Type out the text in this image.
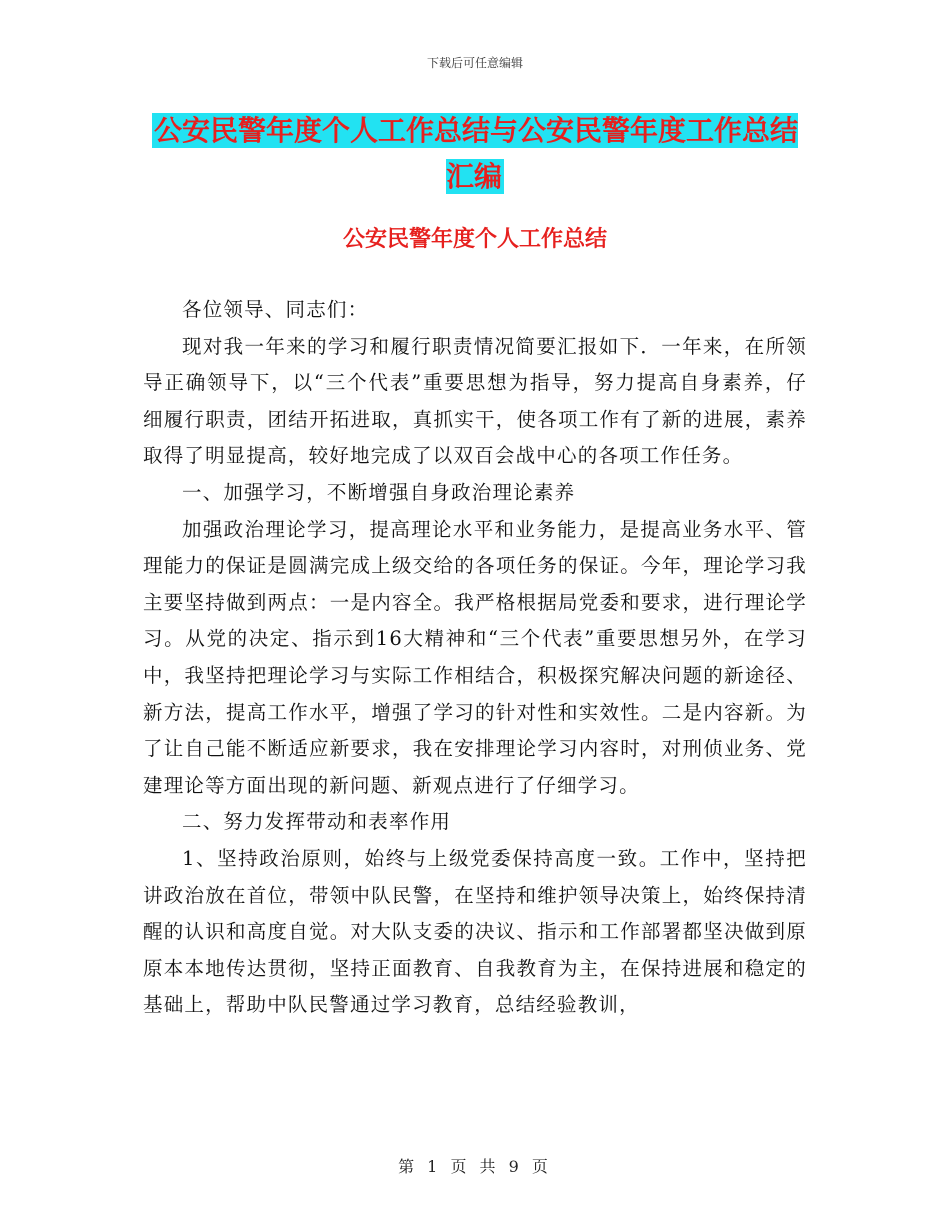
下载后可任意编辑
公安民警年度个人工作总结与公安民警年度工作总结汇编
公安民警年度个人工作总结

各位领导、同志们：

现对我一年来的学习和履行职责情况简要汇报如下．一年来，在所领导正确领导下，以“三个代表”重要思想为指导，努力提高自身素养，仔细履行职责，团结开拓进取，真抓实干，使各项工作有了新的进展，素养取得了明显提高，较好地完成了以双百会战中心的各项工作任务。

一、加强学习，不断增强自身政治理论素养

加强政治理论学习，提高理论水平和业务能力，是提高业务水平、管理能力的保证是圆满完成上级交给的各项任务的保证。今年，理论学习我主要坚持做到两点：一是内容全。我严格根据局党委和要求，进行理论学习。从党的决定、指示到16大精神和“三个代表”重要思想另外，在学习中，我坚持把理论学习与实际工作相结合，积极探究解决问题的新途径、新方法，提高工作水平，增强了学习的针对性和实效性。二是内容新。为了让自己能不断适应新要求，我在安排理论学习内容时，对刑侦业务、党建理论等方面出现的新问题、新观点进行了仔细学习。

二、努力发挥带动和表率作用

1、坚持政治原则，始终与上级党委保持高度一致。工作中，坚持把讲政治放在首位，带领中队民警，在坚持和维护领导决策上，始终保持清醒的认识和高度自觉。对大队支委的决议、指示和工作部署都坚决做到原原本本地传达贯彻，坚持正面教育、自我教育为主，在保持进展和稳定的基础上，帮助中队民警通过学习教育，总结经验教训，

第 1 页 共 9 页
